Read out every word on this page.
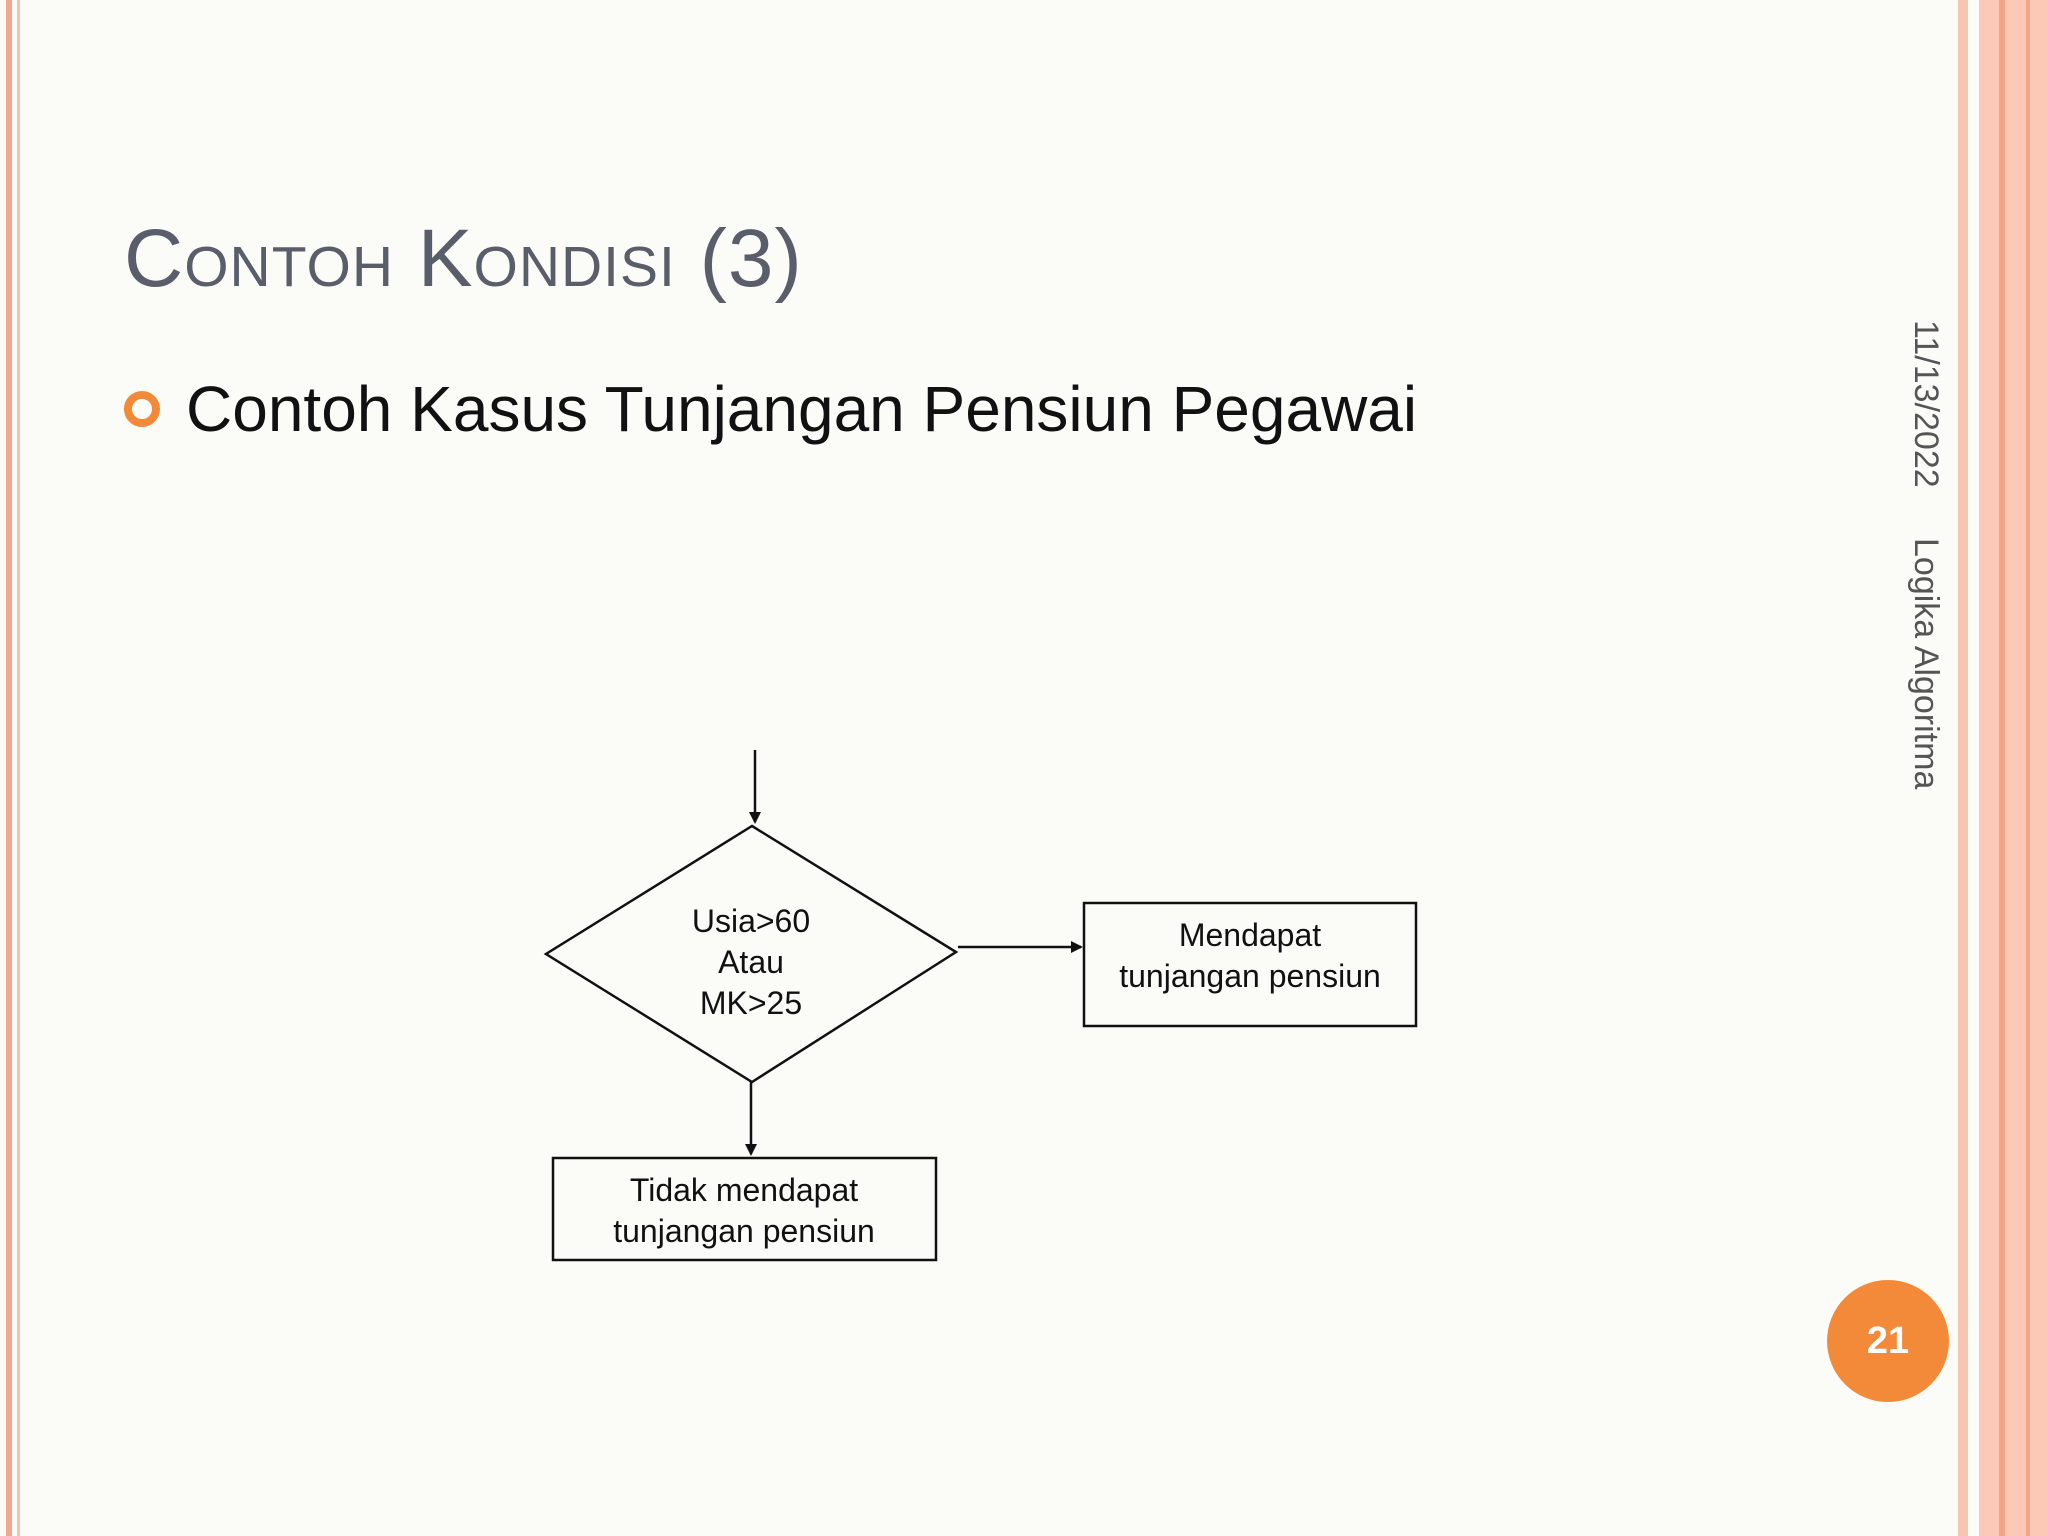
Contoh Kondisi (3)
Contoh Kasus Tunjangan Pensiun Pegawai	11/13/2022
Logika Algoritma
Usia>60
Atau
MK>25
Mendapat
tunjangan pensiun
Tidak mendapat
tunjangan pensiun
21
